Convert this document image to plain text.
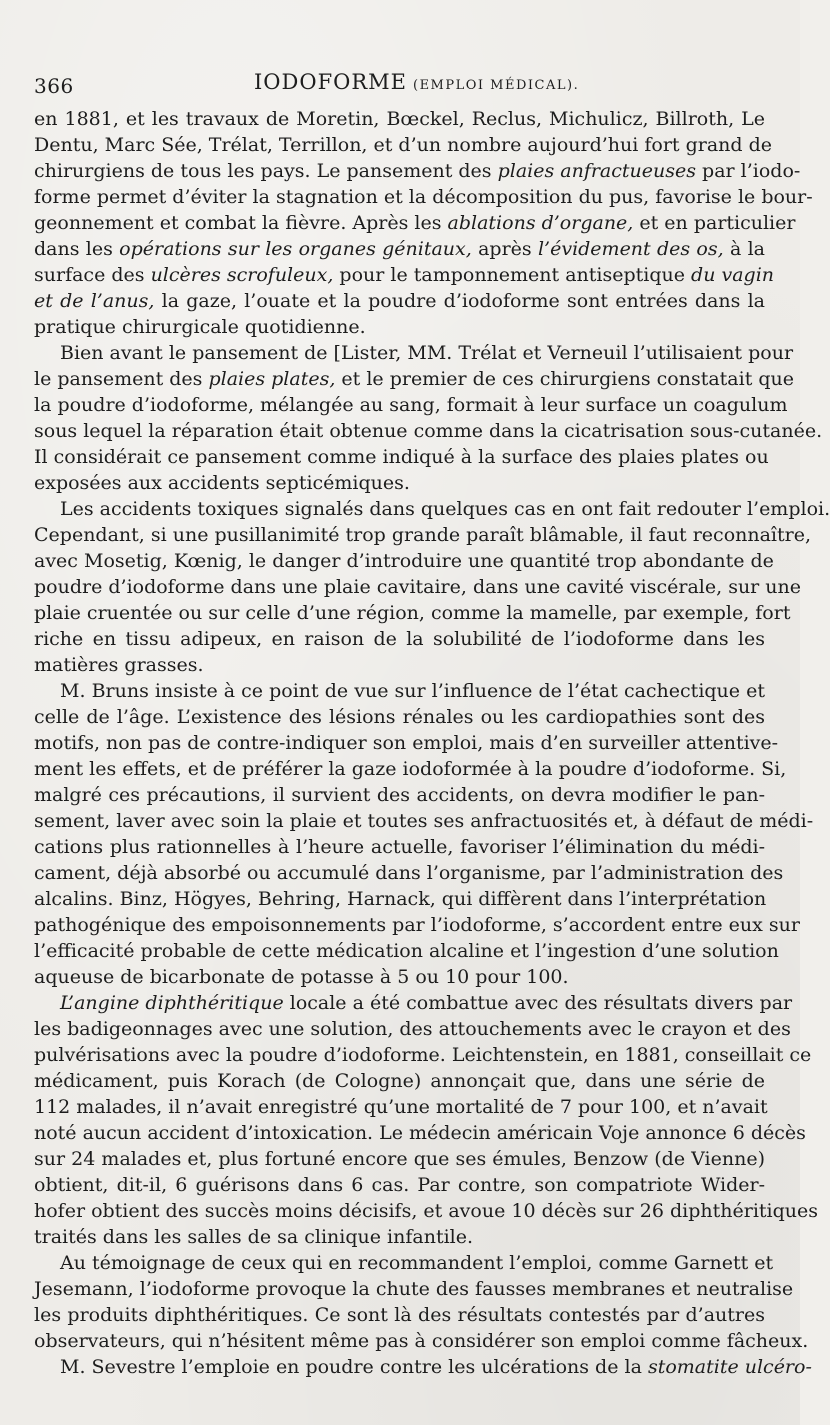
366	IODOFORME (EMPLOI MÉDICAL).
en 1881, et les travaux de Moretin, Bœckel, Reclus, Michulicz, Billroth, Le
Dentu, Marc Sée, Trélat, Terrillon, et d’un nombre aujourd’hui fort grand de
chirurgiens de tous les pays. Le pansement des plaies anfractueuses par l’iodo-
forme permet d’éviter la stagnation et la décomposition du pus, favorise le bour-
geonnement et combat la fièvre. Après les ablations d’organe, et en particulier
dans les opérations sur les organes génitaux, après l’évidement des os, à la
surface des ulcères scrofuleux, pour le tamponnement antiseptique du vagin
et de l’anus, la gaze, l’ouate et la poudre d’iodoforme sont entrées dans la
pratique chirurgicale quotidienne.
Bien avant le pansement de [Lister, MM. Trélat et Verneuil l’utilisaient pour
le pansement des plaies plates, et le premier de ces chirurgiens constatait que
la poudre d’iodoforme, mélangée au sang, formait à leur surface un coagulum
sous lequel la réparation était obtenue comme dans la cicatrisation sous-cutanée.
Il considérait ce pansement comme indiqué à la surface des plaies plates ou
exposées aux accidents septicémiques.
Les accidents toxiques signalés dans quelques cas en ont fait redouter l’emploi.
Cependant, si une pusillanimité trop grande paraît blâmable, il faut reconnaître,
avec Mosetig, Kœnig, le danger d’introduire une quantité trop abondante de
poudre d’iodoforme dans une plaie cavitaire, dans une cavité viscérale, sur une
plaie cruentée ou sur celle d’une région, comme la mamelle, par exemple, fort
riche en tissu adipeux, en raison de la solubilité de l’iodoforme dans les
matières grasses.
M. Bruns insiste à ce point de vue sur l’influence de l’état cachectique et
celle de l’âge. L’existence des lésions rénales ou les cardiopathies sont des
motifs, non pas de contre-indiquer son emploi, mais d’en surveiller attentive-
ment les effets, et de préférer la gaze iodoformée à la poudre d’iodoforme. Si,
malgré ces précautions, il survient des accidents, on devra modifier le pan-
sement, laver avec soin la plaie et toutes ses anfractuosités et, à défaut de médi-
cations plus rationnelles à l’heure actuelle, favoriser l’élimination du médi-
cament, déjà absorbé ou accumulé dans l’organisme, par l’administration des
alcalins. Binz, Högyes, Behring, Harnack, qui diffèrent dans l’interprétation
pathogénique des empoisonnements par l’iodoforme, s’accordent entre eux sur
l’efficacité probable de cette médication alcaline et l’ingestion d’une solution
aqueuse de bicarbonate de potasse à 5 ou 10 pour 100.
L’angine diphthéritique locale a été combattue avec des résultats divers par
les badigeonnages avec une solution, des attouchements avec le crayon et des
pulvérisations avec la poudre d’iodoforme. Leichtenstein, en 1881, conseillait ce
médicament, puis Korach (de Cologne) annonçait que, dans une série de
112 malades, il n’avait enregistré qu’une mortalité de 7 pour 100, et n’avait
noté aucun accident d’intoxication. Le médecin américain Voje annonce 6 décès
sur 24 malades et, plus fortuné encore que ses émules, Benzow (de Vienne)
obtient, dit-il, 6 guérisons dans 6 cas. Par contre, son compatriote Wider-
hofer obtient des succès moins décisifs, et avoue 10 décès sur 26 diphthéritiques
traités dans les salles de sa clinique infantile.
Au témoignage de ceux qui en recommandent l’emploi, comme Garnett et
Jesemann, l’iodoforme provoque la chute des fausses membranes et neutralise
les produits diphthéritiques. Ce sont là des résultats contestés par d’autres
observateurs, qui n’hésitent même pas à considérer son emploi comme fâcheux.
M. Sevestre l’emploie en poudre contre les ulcérations de la stomatite ulcéro-
